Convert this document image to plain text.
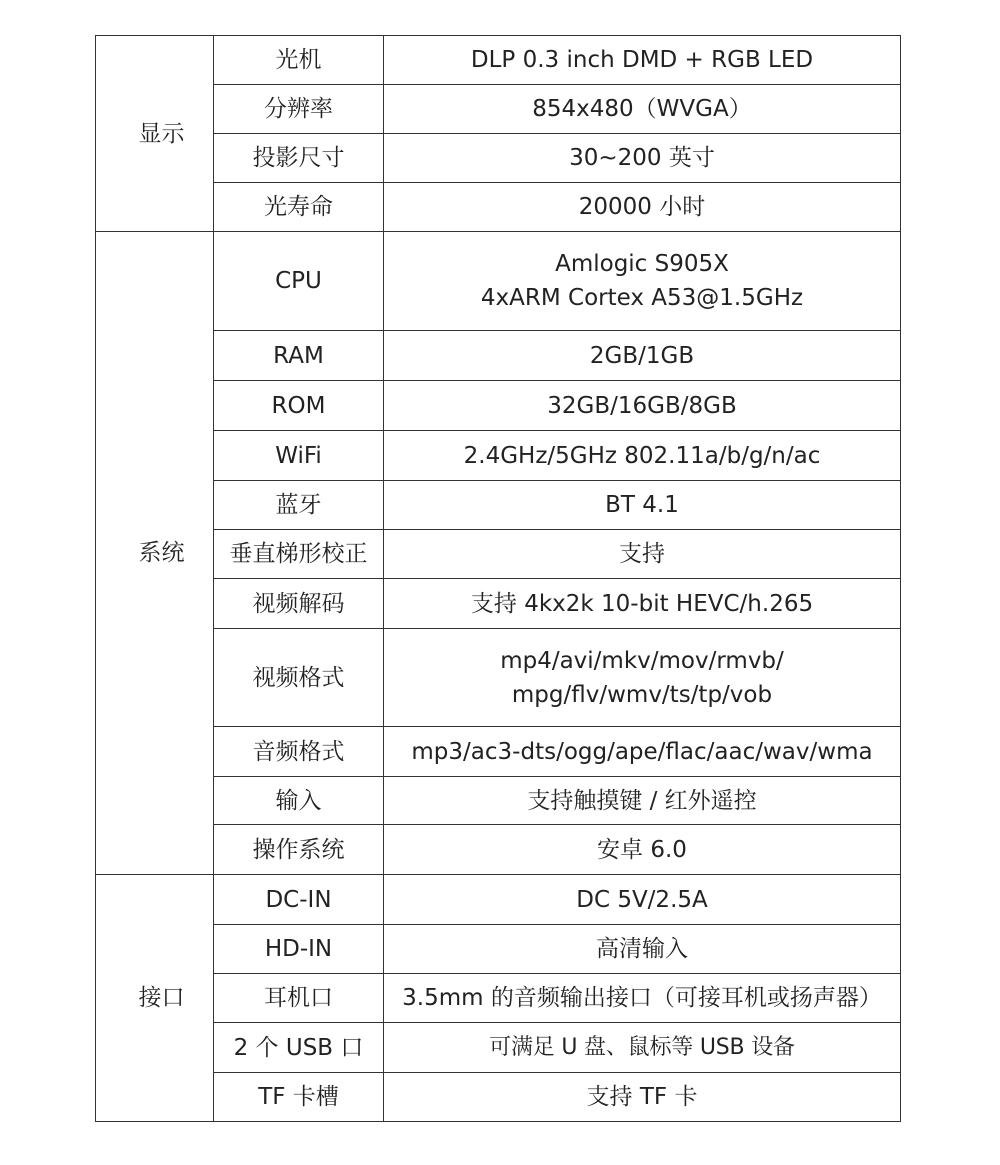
显示	光机	DLP 0.3 inch DMD + RGB LED

	分辨率	854x480（WVGA）

	投影尺寸	30~200 英寸

	光寿命	20000 小时

系统	CPU	Amlogic S905X
4xARM Cortex A53@1.5GHz

	RAM	2GB/1GB

	ROM	32GB/16GB/8GB

	WiFi	2.4GHz/5GHz 802.11a/b/g/n/ac

	蓝牙	BT 4.1

	垂直梯形校正	支持

	视频解码	支持 4kx2k 10-bit HEVC/h.265

	视频格式	mp4/avi/mkv/mov/rmvb/
mpg/flv/wmv/ts/tp/vob

	音频格式	mp3/ac3-dts/ogg/ape/flac/aac/wav/wma

	输入	支持触摸键 / 红外遥控

	操作系统	安卓 6.0

接口	DC-IN	DC 5V/2.5A

	HD-IN	高清输入

	耳机口	3.5mm 的音频输出接口（可接耳机或扬声器）

	2 个 USB 口	可满足 U 盘、鼠标等 USB 设备

	TF 卡槽	支持 TF 卡
